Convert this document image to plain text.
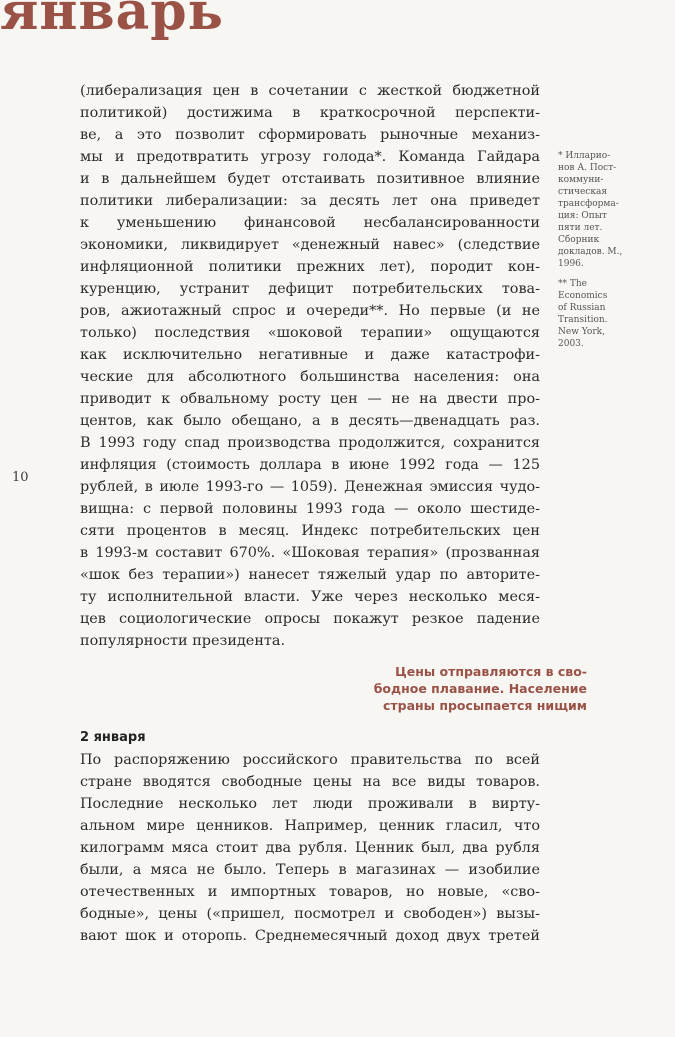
январь
10
(либерализация цен в сочетании с жесткой бюджетной
политикой) достижима в краткосрочной перспекти-
ве, а это позволит сформировать рыночные механиз-
мы и предотвратить угрозу голода*. Команда Гайдара
и в дальнейшем будет отстаивать позитивное влияние
политики либерализации: за десять лет она приведет
к уменьшению финансовой несбалансированности
экономики, ликвидирует «денежный навес» (следствие
инфляционной политики прежних лет), породит кон-
куренцию, устранит дефицит потребительских това-
ров, ажиотажный спрос и очереди**. Но первые (и не
только) последствия «шоковой терапии» ощущаются
как исключительно негативные и даже катастрофи-
ческие для абсолютного большинства населения: она
приводит к обвальному росту цен — не на двести про-
центов, как было обещано, а в десять—двенадцать раз.
В 1993 году спад производства продолжится, сохранится
инфляция (стоимость доллара в июне 1992 года — 125
рублей, в июле 1993-го — 1059). Денежная эмиссия чудо-
вищна: с первой половины 1993 года — около шестиде-
сяти процентов в месяц. Индекс потребительских цен
в 1993-м составит 670%. «Шоковая терапия» (прозванная
«шок без терапии») нанесет тяжелый удар по авторите-
ту исполнительной власти. Уже через несколько меся-
цев социологические опросы покажут резкое падение
популярности президента.
* Илларио-
нов А. Пост-
коммуни-
стическая
трансформа-
ция: Опыт
пяти лет.
Сборник
докладов. М.,
1996.
** The
Economics
of Russian
Transition.
New York,
2003.
Цены отправляются в сво-
бодное плавание. Население
страны просыпается нищим
2 января
По распоряжению российского правительства по всей
стране вводятся свободные цены на все виды товаров.
Последние несколько лет люди проживали в вирту-
альном мире ценников. Например, ценник гласил, что
килограмм мяса стоит два рубля. Ценник был, два рубля
были, а мяса не было. Теперь в магазинах — изобилие
отечественных и импортных товаров, но новые, «сво-
бодные», цены («пришел, посмотрел и свободен») вызы-
вают шок и оторопь. Среднемесячный доход двух третей
